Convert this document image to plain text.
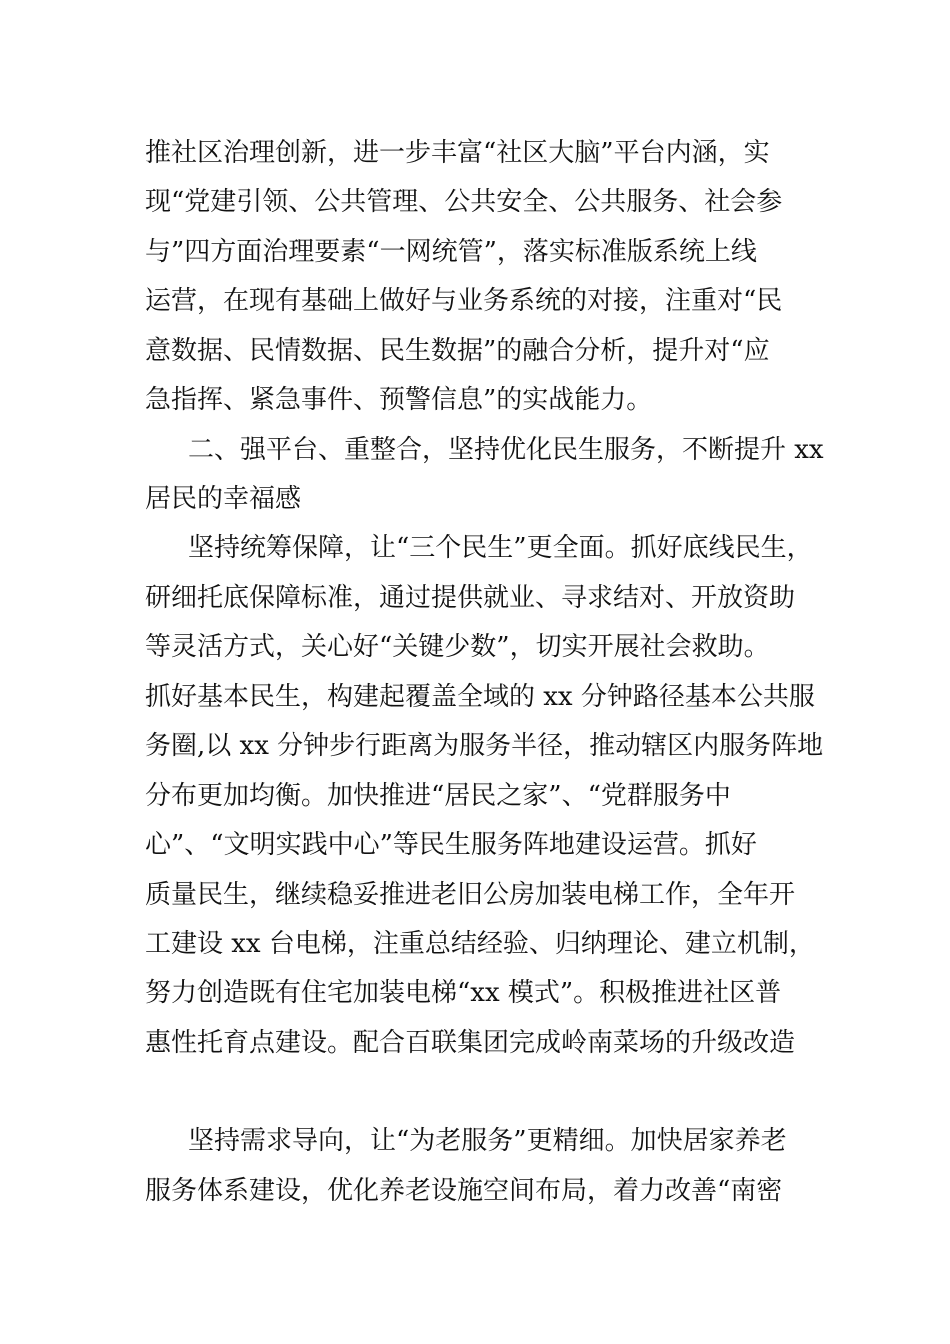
推社区治理创新，进一步丰富“社区大脑”平台内涵，实
现“党建引领、公共管理、公共安全、公共服务、社会参
与”四方面治理要素“一网统管”，落实标准版系统上线
运营，在现有基础上做好与业务系统的对接，注重对“民
意数据、民情数据、民生数据”的融合分析，提升对“应
急指挥、紧急事件、预警信息”的实战能力。
二、强平台、重整合，坚持优化民生服务，不断提升 xx
居民的幸福感
坚持统筹保障，让“三个民生”更全面。抓好底线民生，
研细托底保障标准，通过提供就业、寻求结对、开放资助
等灵活方式，关心好“关键少数”，切实开展社会救助。
抓好基本民生，构建起覆盖全域的 xx 分钟路径基本公共服
务圈,以 xx 分钟步行距离为服务半径，推动辖区内服务阵地
分布更加均衡。加快推进“居民之家”、“党群服务中
心”、“文明实践中心”等民生服务阵地建设运营。抓好
质量民生，继续稳妥推进老旧公房加装电梯工作，全年开
工建设 xx 台电梯，注重总结经验、归纳理论、建立机制，
努力创造既有住宅加装电梯“xx 模式”。积极推进社区普
惠性托育点建设。配合百联集团完成岭南菜场的升级改造
坚持需求导向，让“为老服务”更精细。加快居家养老
服务体系建设，优化养老设施空间布局，着力改善“南密
